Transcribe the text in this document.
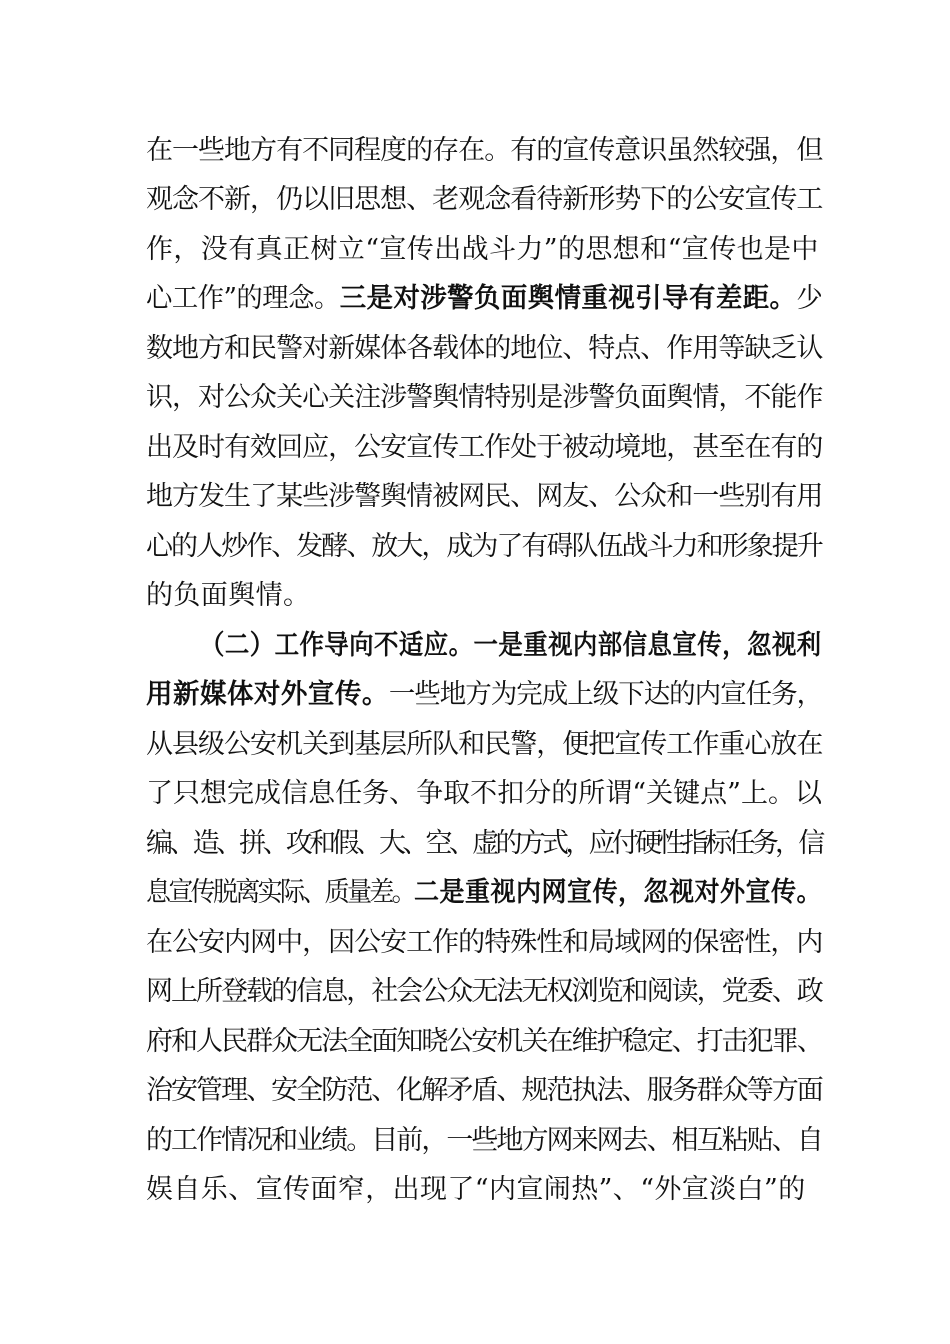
在一些地方有不同程度的存在。有的宣传意识虽然较强，但
观念不新，仍以旧思想、老观念看待新形势下的公安宣传工
作，没有真正树立“宣传出战斗力”的思想和“宣传也是中
心工作”的理念。三是对涉警负面舆情重视引导有差距。少
数地方和民警对新媒体各载体的地位、特点、作用等缺乏认
识，对公众关心关注涉警舆情特别是涉警负面舆情，不能作
出及时有效回应，公安宣传工作处于被动境地，甚至在有的
地方发生了某些涉警舆情被网民、网友、公众和一些别有用
心的人炒作、发酵、放大，成为了有碍队伍战斗力和形象提升
的负面舆情。
（二）工作导向不适应。一是重视内部信息宣传，忽视利
用新媒体对外宣传。一些地方为完成上级下达的内宣任务，
从县级公安机关到基层所队和民警，便把宣传工作重心放在
了只想完成信息任务、争取不扣分的所谓“关键点”上。以
编、造、拼、攻和假、大、空、虚的方式，应付硬性指标任务，信
息宣传脱离实际、质量差。二是重视内网宣传，忽视对外宣传。
在公安内网中，因公安工作的特殊性和局域网的保密性，内
网上所登载的信息，社会公众无法无权浏览和阅读，党委、政
府和人民群众无法全面知晓公安机关在维护稳定、打击犯罪、
治安管理、安全防范、化解矛盾、规范执法、服务群众等方面
的工作情况和业绩。目前，一些地方网来网去、相互粘贴、自
娱自乐、宣传面窄，出现了“内宣闹热”、“外宣淡白”的
